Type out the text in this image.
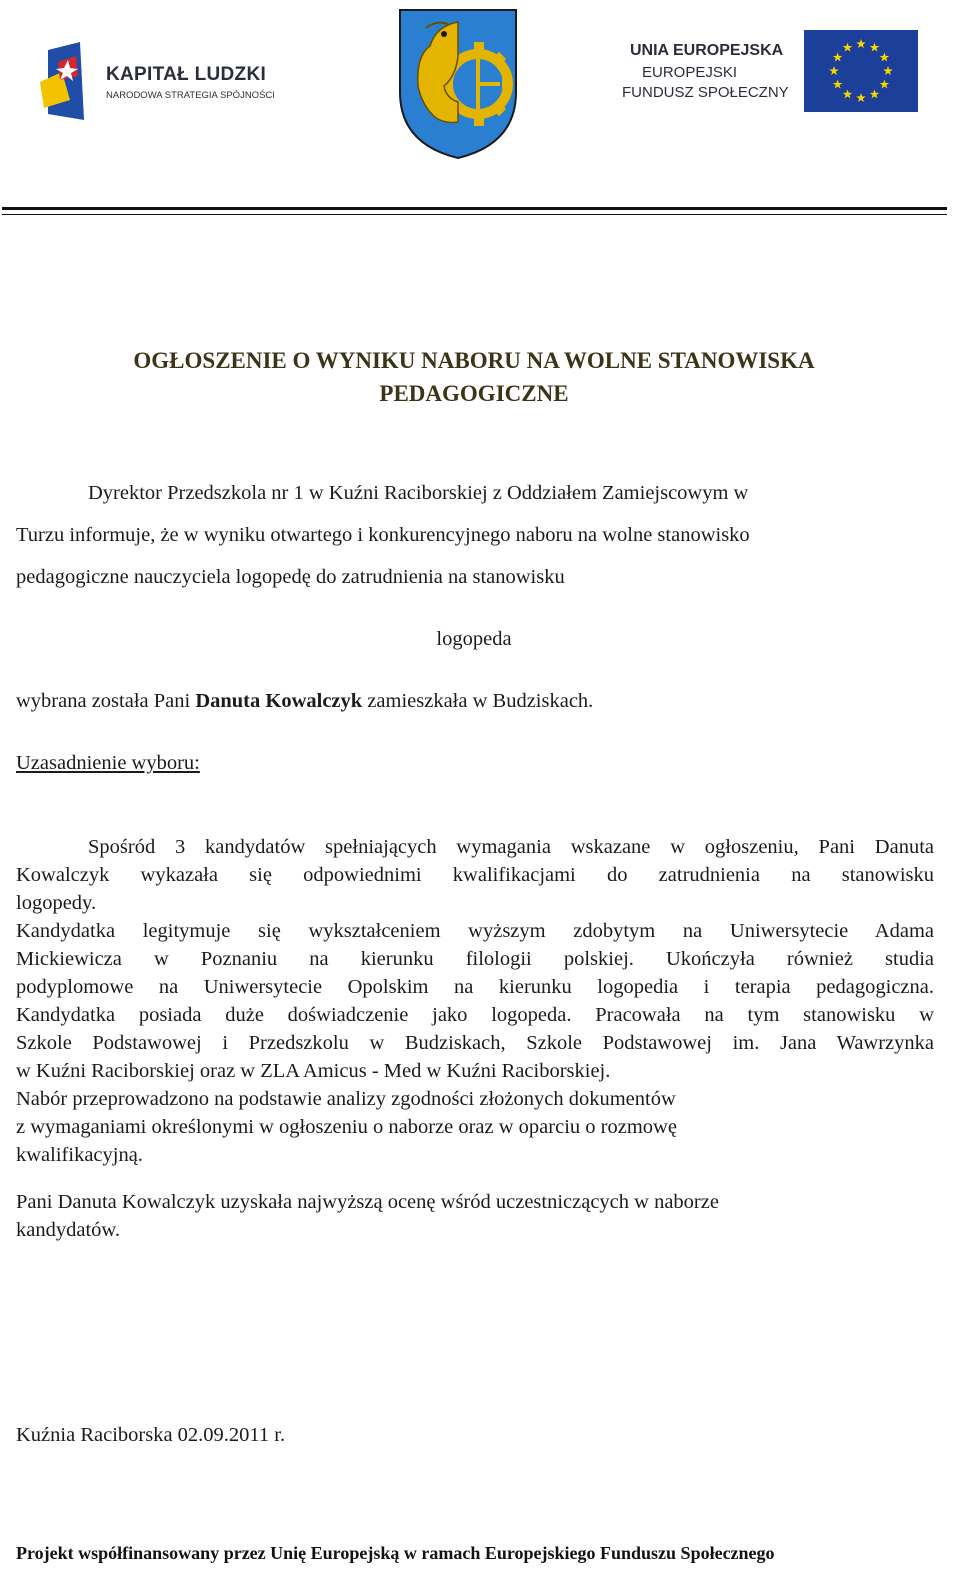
KAPITAŁ LUDZKI
NARODOWA STRATEGIA SPÓJNOŚCI
UNIA EUROPEJSKA
EUROPEJSKI
FUNDUSZ SPOŁECZNY
OGŁOSZENIE O WYNIKU NABORU NA WOLNE STANOWISKA
PEDAGOGICZNE
Dyrektor Przedszkola nr 1 w Kuźni Raciborskiej z Oddziałem Zamiejscowym w
Turzu informuje, że w wyniku otwartego i konkurencyjnego naboru na wolne stanowisko
pedagogiczne nauczyciela logopedę do zatrudnienia na stanowisku
logopeda
wybrana została Pani Danuta Kowalczyk zamieszkała w Budziskach.
Uzasadnienie wyboru:
Spośród 3 kandydatów spełniających wymagania wskazane w ogłoszeniu, Pani Danuta
Kowalczyk wykazała się odpowiednimi kwalifikacjami do zatrudnienia na stanowisku
logopedy.
Kandydatka legitymuje się wykształceniem wyższym zdobytym na Uniwersytecie Adama
Mickiewicza w Poznaniu na kierunku filologii polskiej. Ukończyła również studia
podyplomowe na Uniwersytecie Opolskim na kierunku logopedia i terapia pedagogiczna.
Kandydatka posiada duże doświadczenie jako logopeda. Pracowała na tym stanowisku w
Szkole Podstawowej i Przedszkolu w Budziskach, Szkole Podstawowej im. Jana Wawrzynka
w Kuźni Raciborskiej oraz w ZLA Amicus - Med w Kuźni Raciborskiej.
Nabór przeprowadzono na podstawie analizy zgodności złożonych dokumentów
z wymaganiami określonymi w ogłoszeniu o naborze oraz w oparciu o rozmowę
kwalifikacyjną.
Pani Danuta Kowalczyk uzyskała najwyższą ocenę wśród uczestniczących w naborze
kandydatów.
Kuźnia Raciborska 02.09.2011 r.
Projekt współfinansowany przez Unię Europejską w ramach Europejskiego Funduszu Społecznego
